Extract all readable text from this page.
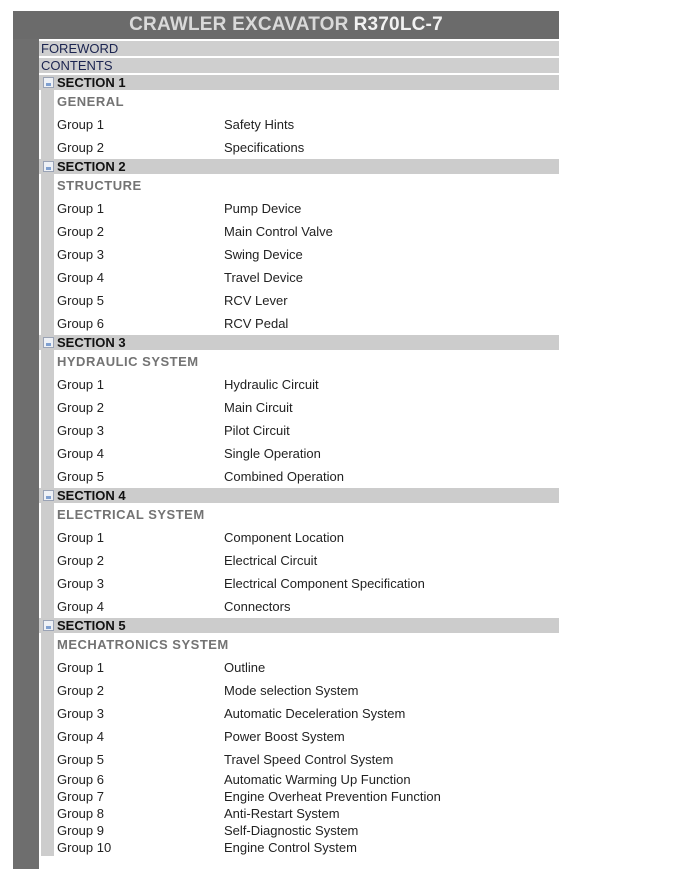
CRAWLER EXCAVATOR R370LC-7
FOREWORD
CONTENTS
SECTION 1
GENERAL
Group 1	Safety Hints
Group 2	Specifications
SECTION 2
STRUCTURE
Group 1	Pump Device
Group 2	Main Control Valve
Group 3	Swing Device
Group 4	Travel Device
Group 5	RCV Lever
Group 6	RCV Pedal
SECTION 3
HYDRAULIC SYSTEM
Group 1	Hydraulic Circuit
Group 2	Main Circuit
Group 3	Pilot Circuit
Group 4	Single Operation
Group 5	Combined Operation
SECTION 4
ELECTRICAL SYSTEM
Group 1	Component Location
Group 2	Electrical Circuit
Group 3	Electrical Component Specification
Group 4	Connectors
SECTION 5
MECHATRONICS SYSTEM
Group 1	Outline
Group 2	Mode selection System
Group 3	Automatic Deceleration System
Group 4	Power Boost System
Group 5	Travel Speed Control System
Group 6	Automatic Warming Up Function
Group 7	Engine Overheat Prevention Function
Group 8	Anti-Restart System
Group 9	Self-Diagnostic System
Group 10	Engine Control System
